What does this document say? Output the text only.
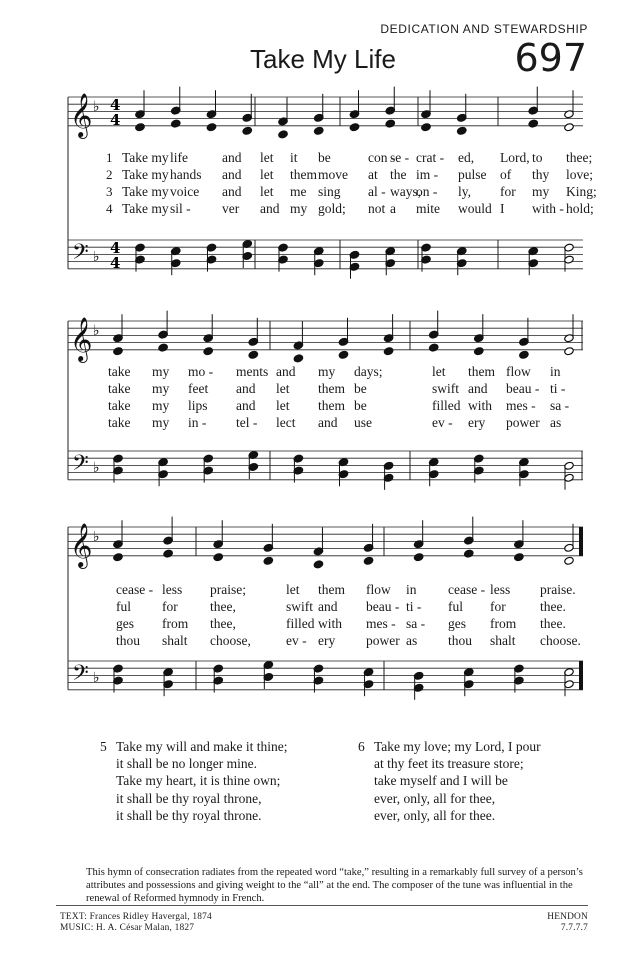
DEDICATION AND STEWARDSHIP
Take My Life	697
𝄞
𝄢
♭
♭
4
4
4
4
𝄞
𝄢
♭
♭
𝄞
𝄢
♭
♭
1 Take my life	and let it be	con -
se - crat - ed, Lord, to thee;
2 Take my hands and let them move at the im - pulse of thy love;
3 Take my voice and let me sing al - ways,
on - ly, for my King;
4 Take my sil - ver and my gold; not a mite would I with - hold;
take my mo - ments and my days;	let them flow in
take my feet and let them be	swift and beau - ti -
take my lips and let them be	filled with mes - sa -
take my in - tel - lect and use	ev - ery power as
cease - less praise;	let them flow in cease - less praise.
ful for thee,	swift and beau - ti - ful for	thee.
ges from thee,	filled with mes - sa - ges from thee.
thou shalt choose,	ev - ery power as thou shalt choose.
5 Take my will and make it thine;
it shall be no longer mine.
Take my heart, it is thine own;
it shall be thy royal throne,
it shall be thy royal throne.
6 Take my love; my Lord, I pour
at thy feet its treasure store;
take myself and I will be
ever, only, all for thee,
ever, only, all for thee.
This hymn of consecration radiates from the repeated word “take,” resulting in a remarkably full survey of a person’s attributes and possessions and giving weight to the “all” at the end. The composer of the tune was influential in the renewal of Reformed hymnody in French.
TEXT: Frances Ridley Havergal, 1874
MUSIC: H. A. César Malan, 1827
HENDON
7.7.7.7
